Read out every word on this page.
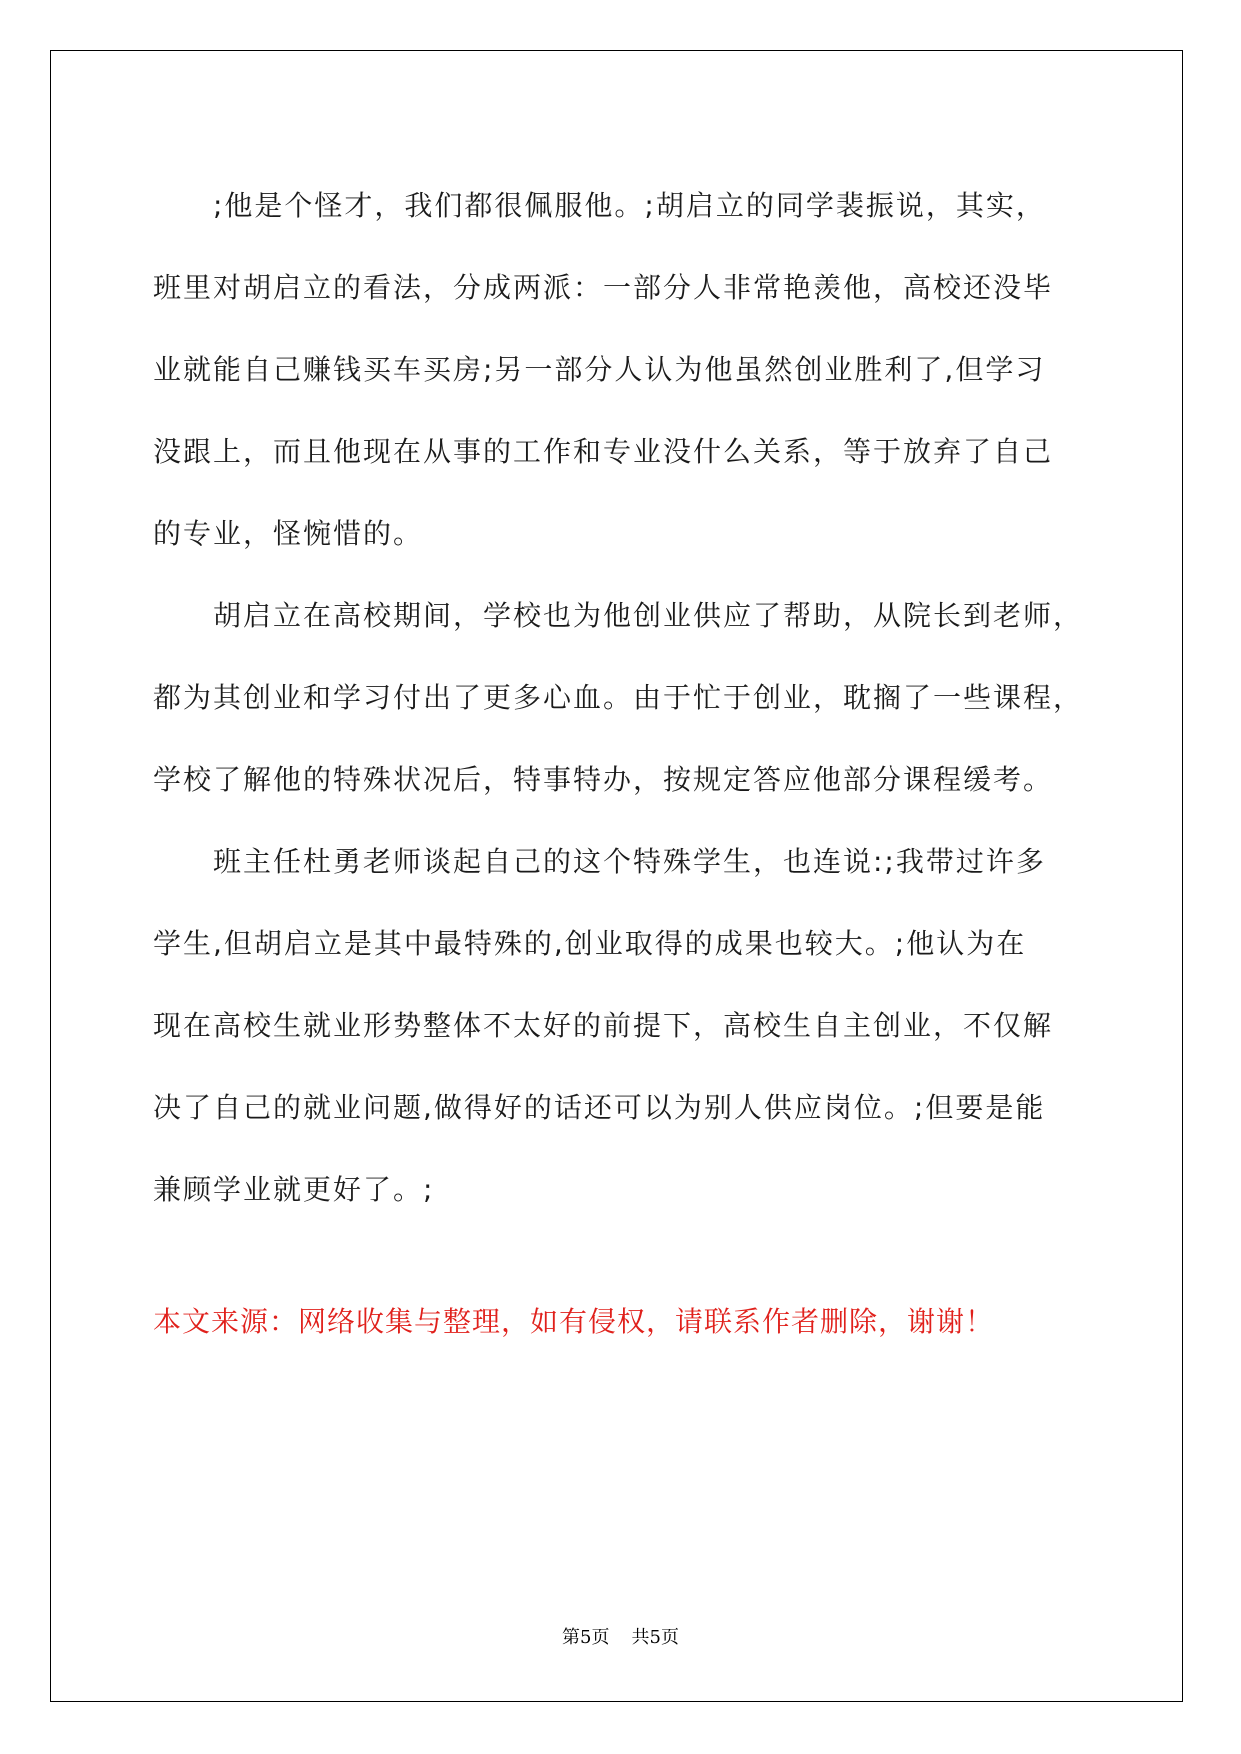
;他是个怪才，我们都很佩服他。;胡启立的同学裴振说，其实，
班里对胡启立的看法，分成两派：一部分人非常艳羡他，高校还没毕
业就能自己赚钱买车买房;另一部分人认为他虽然创业胜利了,但学习
没跟上，而且他现在从事的工作和专业没什么关系，等于放弃了自己
的专业，怪惋惜的。

胡启立在高校期间，学校也为他创业供应了帮助，从院长到老师，
都为其创业和学习付出了更多心血。由于忙于创业，耽搁了一些课程，
学校了解他的特殊状况后，特事特办，按规定答应他部分课程缓考。

班主任杜勇老师谈起自己的这个特殊学生，也连说:;我带过许多
学生,但胡启立是其中最特殊的,创业取得的成果也较大。;他认为在
现在高校生就业形势整体不太好的前提下，高校生自主创业，不仅解
决了自己的就业问题,做得好的话还可以为别人供应岗位。;但要是能
兼顾学业就更好了。;

本文来源：网络收集与整理，如有侵权，请联系作者删除，谢谢！
第5页 共5页
